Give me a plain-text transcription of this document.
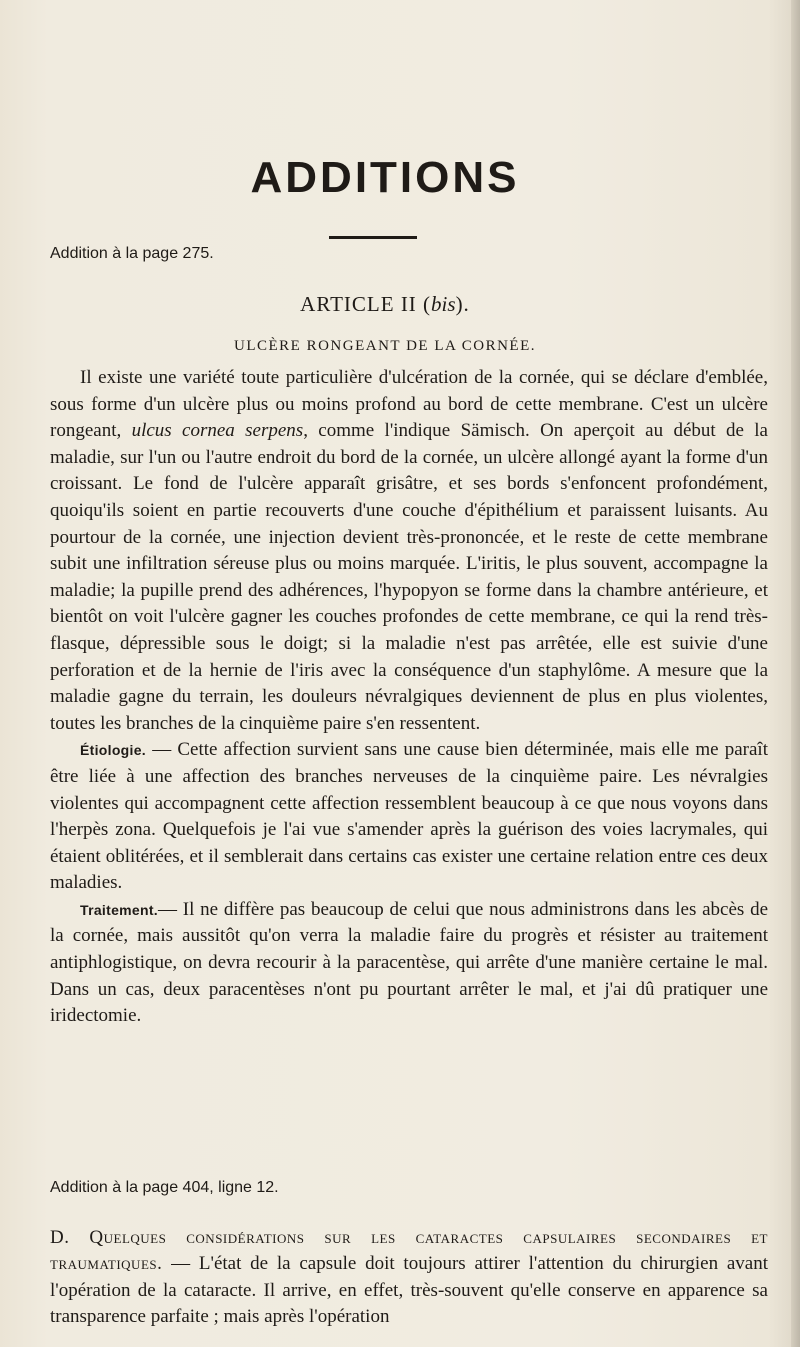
ADDITIONS
Addition à la page 275.
ARTICLE II (bis).
ULCÈRE RONGEANT DE LA CORNÉE.

Il existe une variété toute particulière d'ulcération de la cornée, qui se déclare d'emblée, sous forme d'un ulcère plus ou moins profond au bord de cette membrane. C'est un ulcère rongeant, ulcus cornea serpens, comme l'indique Sämisch. On aperçoit au début de la maladie, sur l'un ou l'autre endroit du bord de la cornée, un ulcère allongé ayant la forme d'un croissant. Le fond de l'ulcère apparaît grisâtre, et ses bords s'enfoncent profondément, quoiqu'ils soient en partie recouverts d'une couche d'épithélium et paraissent luisants. Au pourtour de la cornée, une injection devient très-prononcée, et le reste de cette membrane subit une infiltration séreuse plus ou moins marquée. L'iritis, le plus souvent, accompagne la maladie; la pupille prend des adhérences, l'hypopyon se forme dans la chambre antérieure, et bientôt on voit l'ulcère gagner les couches profondes de cette membrane, ce qui la rend très-flasque, dépressible sous le doigt; si la maladie n'est pas arrêtée, elle est suivie d'une perforation et de la hernie de l'iris avec la conséquence d'un staphylôme. A mesure que la maladie gagne du terrain, les douleurs névralgiques deviennent de plus en plus violentes, toutes les branches de la cinquième paire s'en ressentent.

Étiologie. — Cette affection survient sans une cause bien déterminée, mais elle me paraît être liée à une affection des branches nerveuses de la cinquième paire. Les névralgies violentes qui accompagnent cette affection ressemblent beaucoup à ce que nous voyons dans l'herpès zona. Quelquefois je l'ai vue s'amender après la guérison des voies lacrymales, qui étaient oblitérées, et il semblerait dans certains cas exister une certaine relation entre ces deux maladies.

Traitement.— Il ne diffère pas beaucoup de celui que nous administrons dans les abcès de la cornée, mais aussitôt qu'on verra la maladie faire du progrès et résister au traitement antiphlogistique, on devra recourir à la paracentèse, qui arrête d'une manière certaine le mal. Dans un cas, deux paracentèses n'ont pu pourtant arrêter le mal, et j'ai dû pratiquer une iridectomie.

Addition à la page 404, ligne 12.

D. Quelques considérations sur les cataractes capsulaires secondaires et traumatiques. — L'état de la capsule doit toujours attirer l'attention du chirurgien avant l'opération de la cataracte. Il arrive, en effet, très-souvent qu'elle conserve en apparence sa transparence parfaite ; mais après l'opération
